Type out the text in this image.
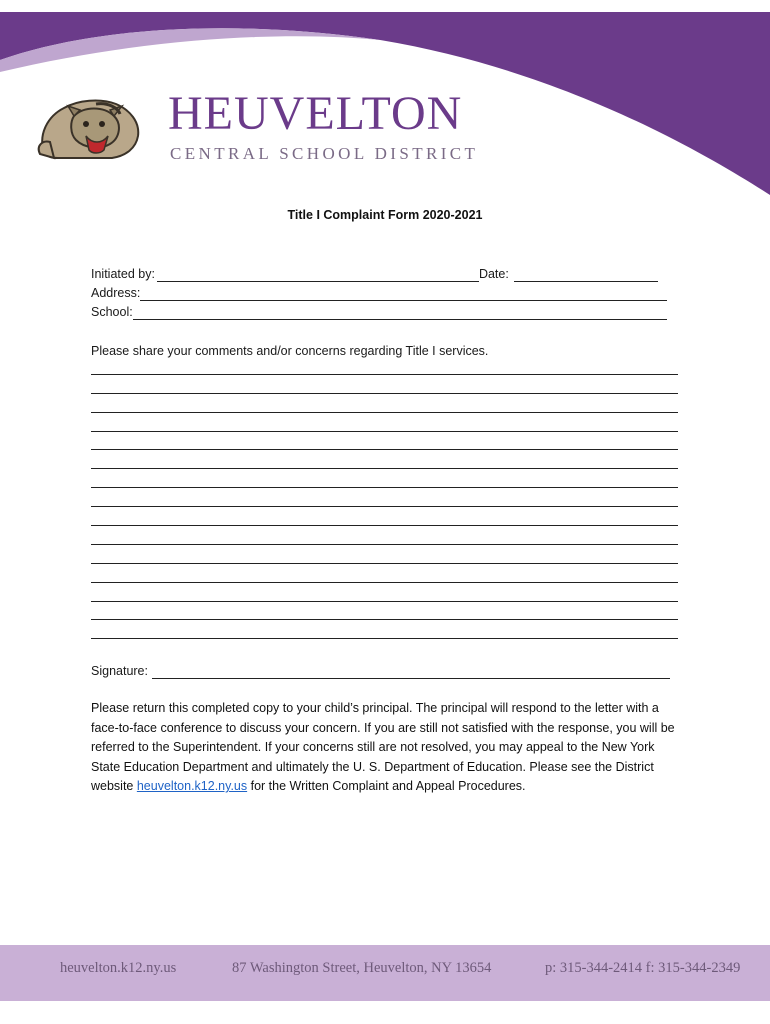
HEUVELTON
CENTRAL SCHOOL DISTRICT
Title I Complaint Form 2020-2021
Initiated by:	Date:
Address:
School:
Please share your comments and/or concerns regarding Title I services.
Signature:
Please return this completed copy to your child’s principal. The principal will respond to the letter with a face-to-face conference to discuss your concern. If you are still not satisfied with the response, you will be referred to the Superintendent. If your concerns still are not resolved, you may appeal to the New York State Education Department and ultimately the U. S. Department of Education. Please see the District website heuvelton.k12.ny.us for the Written Complaint and Appeal Procedures.
heuvelton.k12.ny.us	87 Washington Street, Heuvelton, NY 13654	p: 315-344-2414 f: 315-344-2349
